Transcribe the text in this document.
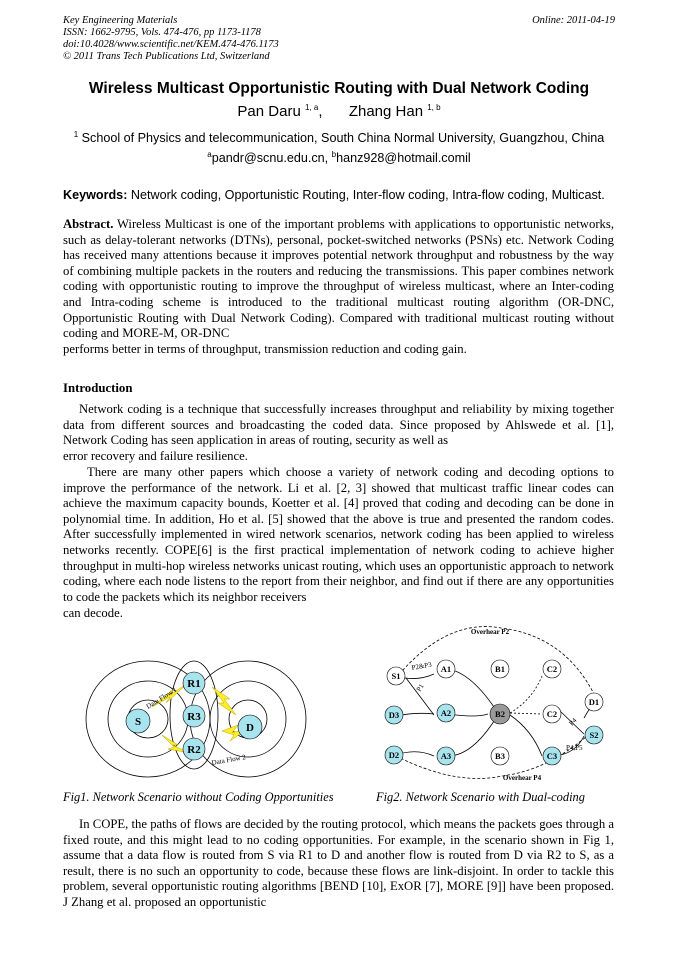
Key Engineering Materials
ISSN: 1662-9795, Vols. 474-476, pp 1173-1178
doi:10.4028/www.scientific.net/KEM.474-476.1173
© 2011 Trans Tech Publications Ltd, Switzerland
Online: 2011-04-19
Wireless Multicast Opportunistic Routing with Dual Network Coding
Pan Daru $^{1, a}$, Zhang Han $^{1, b}$
$^1$ School of Physics and telecommunication, South China Normal University, Guangzhou, China
$^a$pandr@scnu.edu.cn, $^b$hanz928@hotmail.comil
Keywords: Network coding, Opportunistic Routing, Inter-flow coding, Intra-flow coding, Multicast.

Abstract. Wireless Multicast is one of the important problems with applications to opportunistic networks, such as delay-tolerant networks (DTNs), personal, pocket-switched networks (PSNs) etc. Network Coding has received many attentions because it improves potential network throughput and robustness by the way of combining multiple packets in the routers and reducing the transmissions. This paper combines network coding with opportunistic routing to improve the throughput of wireless multicast, where an Inter-coding and Intra-coding scheme is introduced to the traditional multicast routing algorithm (OR-DNC, Opportunistic Routing with Dual Network Coding). Compared with traditional multicast routing without coding and MORE-M, OR-DNC

performs better in terms of throughput, transmission reduction and coding gain.

Introduction

Network coding is a technique that successfully increases throughput and reliability by mixing together data from different sources and broadcasting the coded data. Since proposed by Ahlswede et al. [1], Network Coding has seen application in areas of routing, security as well as

error recovery and failure resilience.

There are many other papers which choose a variety of network coding and decoding options to improve the performance of the network. Li et al. [2, 3] showed that multicast traffic linear codes can achieve the maximum capacity bounds, Koetter et al. [4] proved that coding and decoding can be done in polynomial time. In addition, Ho et al. [5] showed that the above is true and presented the random codes. After successfully implemented in wired network scenarios, network coding has been applied to wireless networks recently. COPE[6] is the first practical implementation of network coding to achieve higher throughput in multi-hop wireless networks unicast routing, which uses an opportunistic approach to network coding, where each node listens to the report from their neighbor, and find out if there are any opportunities to code the packets which its neighbor receivers

can decode.

S
R1
R3
R2
D
Data Flow 1
Data Flow 2
Overhear P2
Overhear P4
P2&P3
P1
P4
P4,P5
S1
A1	B1	C2
D1
D3	A2	B2	C2
S2
D2	A3	B3	C3
Fig1. Network Scenario without Coding Opportunities	Fig2. Network Scenario with Dual-coding

In COPE, the paths of flows are decided by the routing protocol, which means the packets goes through a fixed route, and this might lead to no coding opportunities. For example, in the scenario shown in Fig 1, assume that a data flow is routed from S via R1 to D and another flow is routed from D via R2 to S, as a result, there is no such an opportunity to code, because these flows are link-disjoint. In order to tackle this problem, several opportunistic routing algorithms [BEND [10], ExOR [7], MORE [9]] have been proposed. J Zhang et al. proposed an opportunistic
